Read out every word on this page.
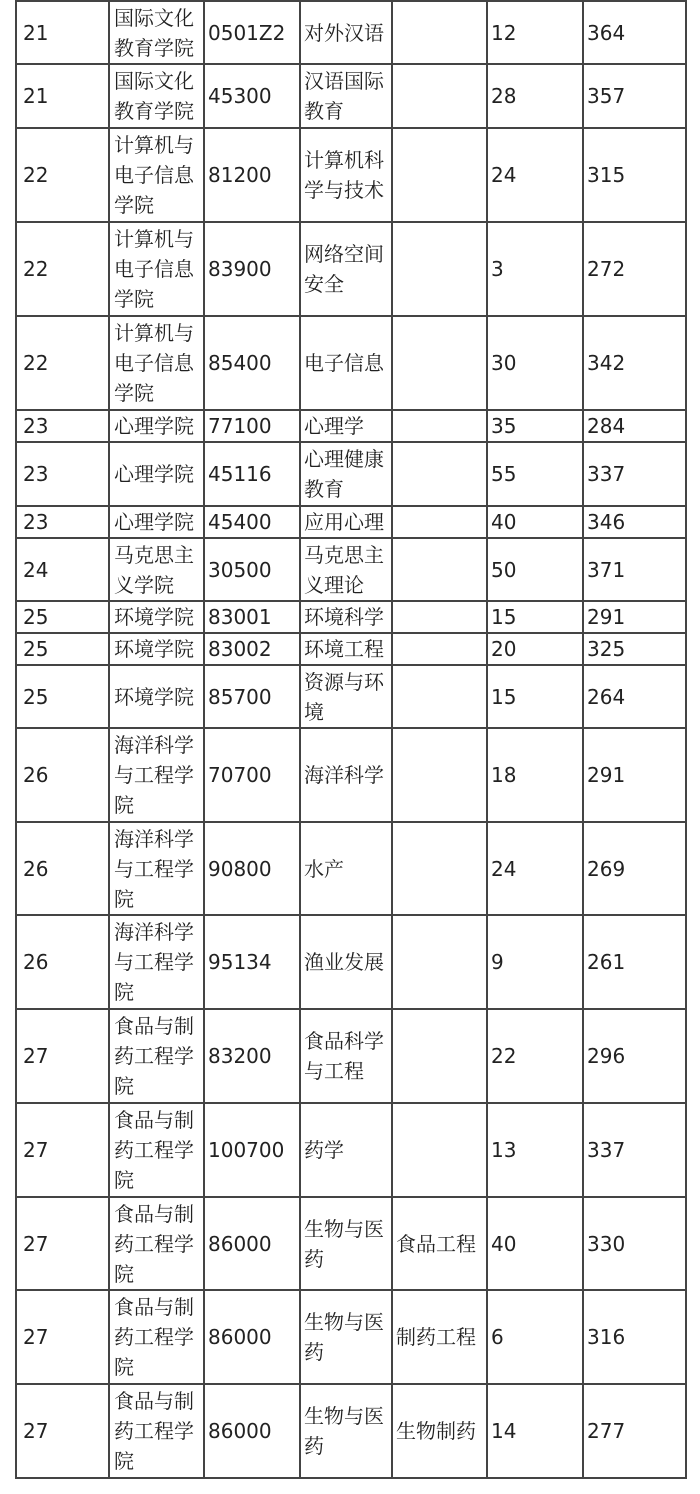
21	国际文化教育学院	0501Z2	对外汉语		12	364
21	国际文化教育学院	45300	汉语国际教育		28	357
22	计算机与电子信息学院	81200	计算机科学与技术		24	315
22	计算机与电子信息学院	83900	网络空间安全		3	272
22	计算机与电子信息学院	85400	电子信息		30	342
23	心理学院	77100	心理学		35	284
23	心理学院	45116	心理健康教育		55	337
23	心理学院	45400	应用心理		40	346
24	马克思主义学院	30500	马克思主义理论		50	371
25	环境学院	83001	环境科学		15	291
25	环境学院	83002	环境工程		20	325
25	环境学院	85700	资源与环境		15	264
26	海洋科学与工程学院	70700	海洋科学		18	291
26	海洋科学与工程学院	90800	水产		24	269
26	海洋科学与工程学院	95134	渔业发展		9	261
27	食品与制药工程学院	83200	食品科学与工程		22	296
27	食品与制药工程学院	100700	药学		13	337
27	食品与制药工程学院	86000	生物与医药	食品工程	40	330
27	食品与制药工程学院	86000	生物与医药	制药工程	6	316
27	食品与制药工程学院	86000	生物与医药	生物制药	14	277
